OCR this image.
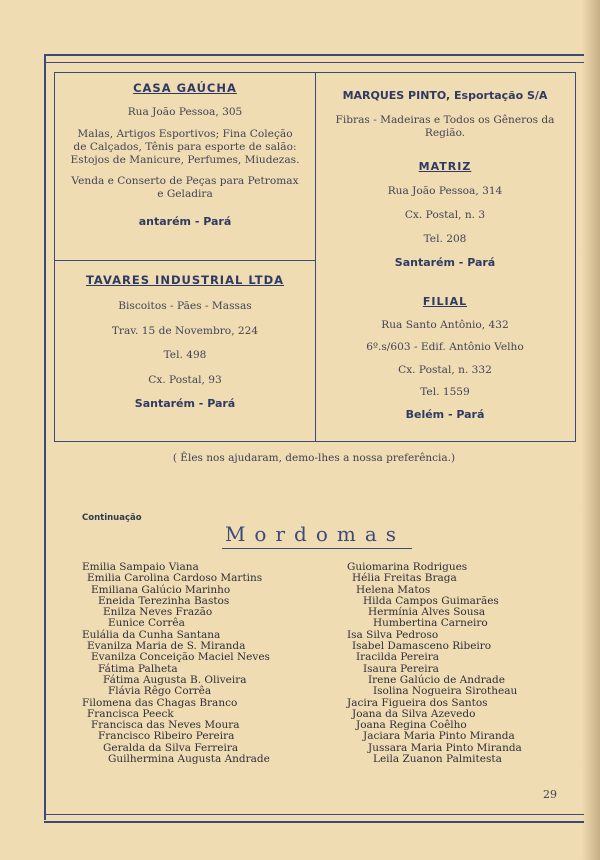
CASA GAÚCHA

Rua João Pessoa, 305

Malas, Artigos Esportivos; Fina Coleção

de Calçados, Tênis para esporte de salão:

Estojos de Manicure, Perfumes, Miudezas.

Venda e Conserto de Peças para Petromax

e Geladira

antarém - Pará

TAVARES INDUSTRIAL LTDA

Biscoitos - Pães - Massas

Trav. 15 de Novembro, 224

Tel. 498

Cx. Postal, 93

Santarém - Pará

MARQUES PINTO, Esportação S/A

Fibras - Madeiras e Todos os Gêneros da

Região.

MATRIZ

Rua João Pessoa, 314

Cx. Postal, n. 3

Tel. 208

Santarém - Pará

FILIAL

Rua Santo Antônio, 432

6º.s/603 - Edif. Antônio Velho

Cx. Postal, n. 332

Tel. 1559

Belém - Pará

( Êles nos ajudaram, demo-lhes a nossa preferência.)
Continuação
Mordomas
Emilia Sampaio Viana
Emilia Carolina Cardoso Martins
Emiliana Galúcio Marinho
Eneida Terezinha Bastos
Enilza Neves Frazão
Eunice Corrêa
Eulália da Cunha Santana
Evanilza Maria de S. Miranda
Evanilza Conceição Maciel Neves
Fátima Palheta
Fátima Augusta B. Oliveira
Flávia Rêgo Corrêa
Filomena das Chagas Branco
Francisca Peeck
Francisca das Neves Moura
Francisco Ribeiro Pereira
Geralda da Silva Ferreira
Guilhermina Augusta Andrade
Guiomarina Rodrigues
Hélia Freitas Braga
Helena Matos
Hilda Campos Guimarães
Hermínia Alves Sousa
Humbertina Carneiro
Isa Silva Pedroso
Isabel Damasceno Ribeiro
Iracilda Pereira
Isaura Pereira
Irene Galúcio de Andrade
Isolina Nogueira Sirotheau
Jacira Figueira dos Santos
Joana da Silva Azevedo
Joana Regina Coêlho
Jaciara Maria Pinto Miranda
Jussara Maria Pinto Miranda
Leila Zuanon Palmitesta
29
